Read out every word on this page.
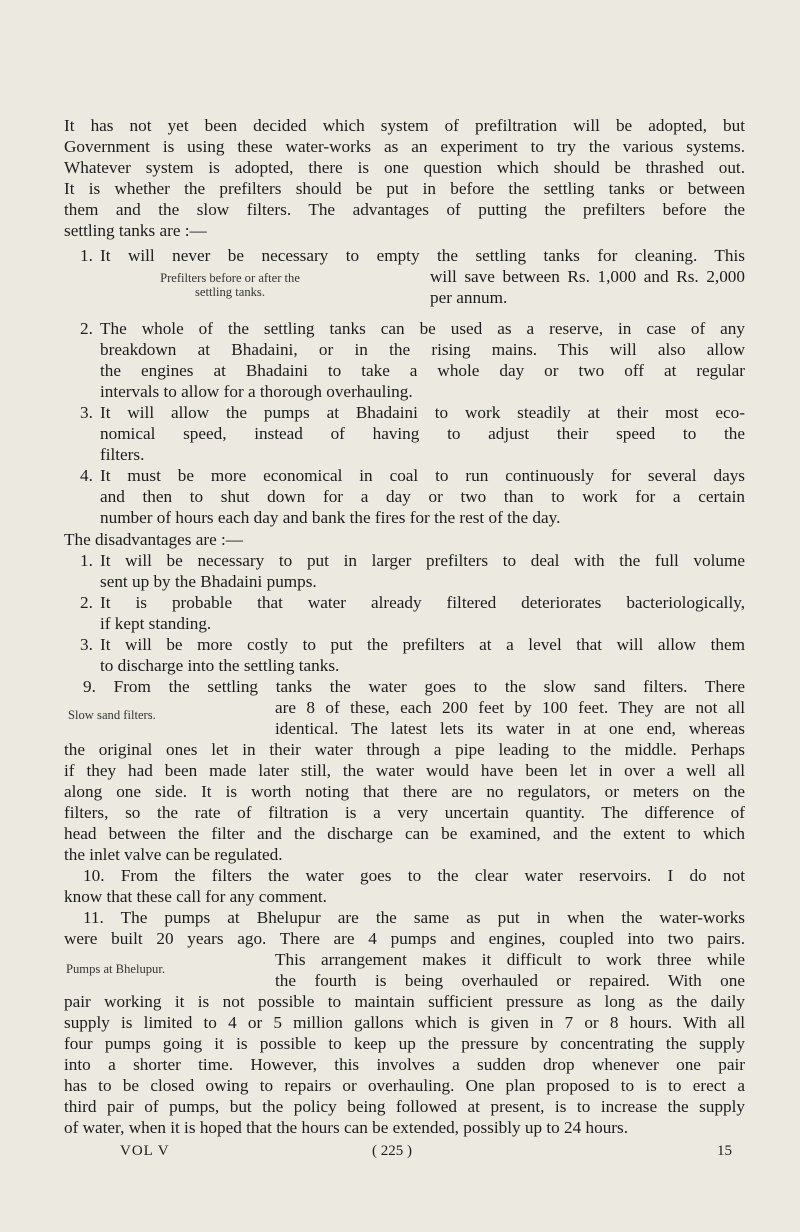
It has not yet been decided which system of prefiltration will be adopted, but
Government is using these water-works as an experiment to try the various systems.
Whatever system is adopted, there is one question which should be thrashed out.
It is whether the prefilters should be put in before the settling tanks or between
them and the slow filters. The advantages of putting the prefilters before the
settling tanks are :—
1. It will never be necessary to empty the settling tanks for cleaning. This
will save between Rs. 1,000 and Rs. 2,000
per annum.
Prefilters before or after the
settling tanks.
2. The whole of the settling tanks can be used as a reserve, in case of any
breakdown at Bhadaini, or in the rising mains. This will also allow
the engines at Bhadaini to take a whole day or two off at regular
intervals to allow for a thorough overhauling.
3. It will allow the pumps at Bhadaini to work steadily at their most eco-
nomical speed, instead of having to adjust their speed to the
filters.
4. It must be more economical in coal to run continuously for several days
and then to shut down for a day or two than to work for a certain
number of hours each day and bank the fires for the rest of the day.
The disadvantages are :—
1. It will be necessary to put in larger prefilters to deal with the full volume
sent up by the Bhadaini pumps.
2. It is probable that water already filtered deteriorates bacteriologically,
if kept standing.
3. It will be more costly to put the prefilters at a level that will allow them
to discharge into the settling tanks.
9. From the settling tanks the water goes to the slow sand filters. There
are 8 of these, each 200 feet by 100 feet. They are not all
identical. The latest lets its water in at one end, whereas
Slow sand filters.
the original ones let in their water through a pipe leading to the middle. Perhaps
if they had been made later still, the water would have been let in over a well all
along one side. It is worth noting that there are no regulators, or meters on the
filters, so the rate of filtration is a very uncertain quantity. The difference of
head between the filter and the discharge can be examined, and the extent to which
the inlet valve can be regulated.
10. From the filters the water goes to the clear water reservoirs. I do not
know that these call for any comment.
11. The pumps at Bhelupur are the same as put in when the water-works
were built 20 years ago. There are 4 pumps and engines, coupled into two pairs.
This arrangement makes it difficult to work three while
the fourth is being overhauled or repaired. With one
Pumps at Bhelupur.
pair working it is not possible to maintain sufficient pressure as long as the daily
supply is limited to 4 or 5 million gallons which is given in 7 or 8 hours. With all
four pumps going it is possible to keep up the pressure by concentrating the supply
into a shorter time. However, this involves a sudden drop whenever one pair
has to be closed owing to repairs or overhauling. One plan proposed to is to erect a
third pair of pumps, but the policy being followed at present, is to increase the supply
of water, when it is hoped that the hours can be extended, possibly up to 24 hours.
VOL V	( 225 )	15
